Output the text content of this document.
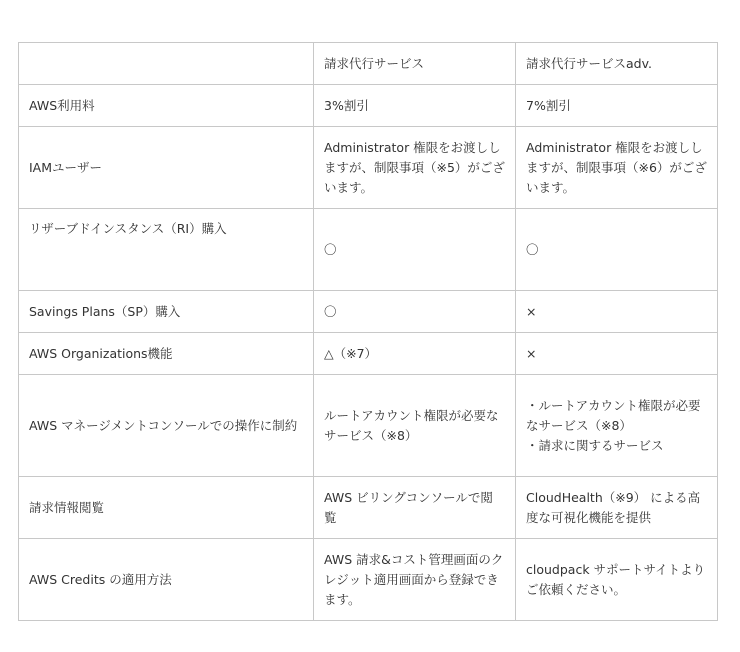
	請求代行サービス	請求代行サービスadv.
AWS利用料	3%割引	7%割引
IAMユーザー	Administrator 権限をお渡ししますが、制限事項（※5）がございます。	Administrator 権限をお渡ししますが、制限事項（※6）がございます。
リザーブドインスタンス（RI）購入	〇	〇
Savings Plans（SP）購入	〇	×
AWS Organizations機能	△（※7）	×
AWS マネージメントコンソールでの操作に制約	ルートアカウント権限が必要なサービス（※8）	・ルートアカウント権限が必要なサービス（※8）
・請求に関するサービス
請求情報閲覧	AWS ビリングコンソールで閲覧	CloudHealth（※9） による高度な可視化機能を提供
AWS Credits の適用方法	AWS 請求&コスト管理画面のクレジット適用画面から登録できます。	cloudpack サポートサイトよりご依頼ください。
